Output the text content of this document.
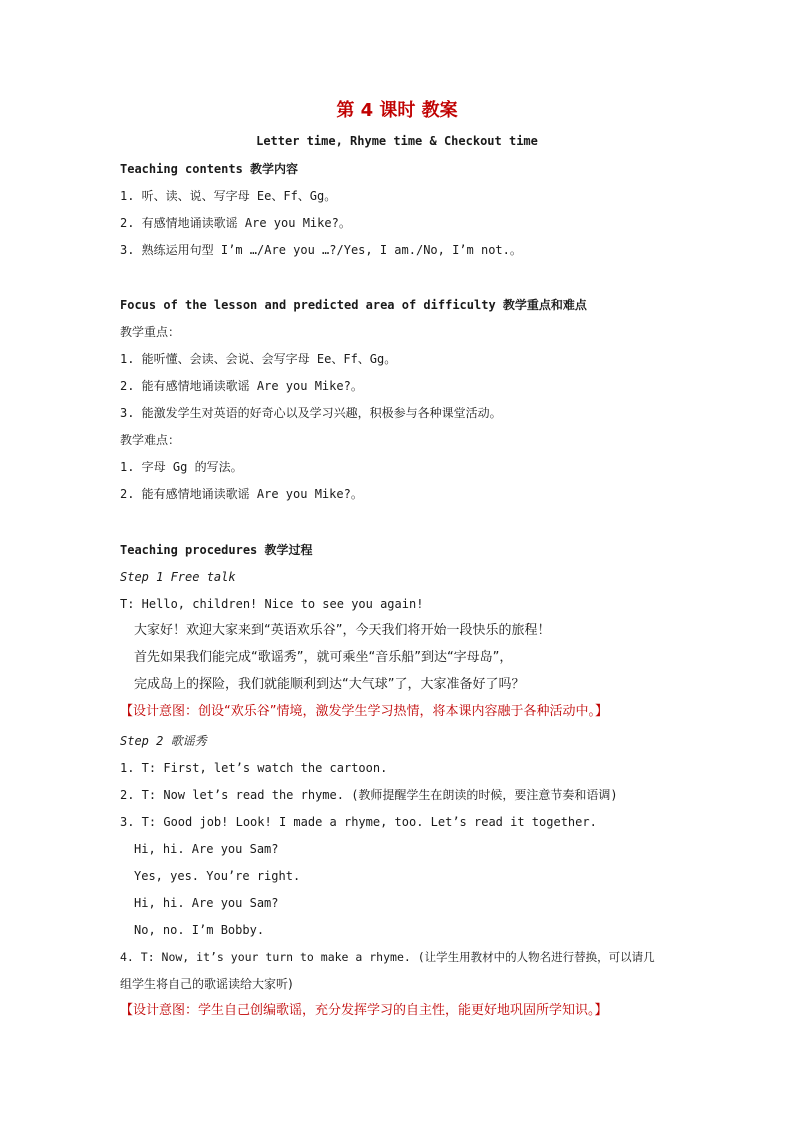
第 4 课时 教案
Letter time, Rhyme time & Checkout time
Teaching contents 教学内容
1. 听、读、说、写字母 Ee、Ff、Gg。
2. 有感情地诵读歌谣 Are you Mike?。
3. 熟练运用句型 I’m …/Are you …?/Yes, I am./No, I’m not.。
Focus of the lesson and predicted area of difficulty 教学重点和难点
教学重点：
1. 能听懂、会读、会说、会写字母 Ee、Ff、Gg。
2. 能有感情地诵读歌谣 Are you Mike?。
3. 能激发学生对英语的好奇心以及学习兴趣，积极参与各种课堂活动。
教学难点：
1. 字母 Gg 的写法。
2. 能有感情地诵读歌谣 Are you Mike?。
Teaching procedures 教学过程
Step 1 Free talk
T: Hello, children! Nice to see you again!
大家好！欢迎大家来到“英语欢乐谷”，今天我们将开始一段快乐的旅程！
首先如果我们能完成“歌谣秀”，就可乘坐“音乐船”到达“字母岛”，
完成岛上的探险，我们就能顺利到达“大气球”了，大家准备好了吗？
【设计意图：创设“欢乐谷”情境，激发学生学习热情，将本课内容融于各种活动中。】
Step 2 歌谣秀
1. T: First, let’s watch the cartoon.
2. T: Now let’s read the rhyme. (教师提醒学生在朗读的时候，要注意节奏和语调)
3. T: Good job! Look! I made a rhyme, too. Let’s read it together.
Hi, hi. Are you Sam?
Yes, yes. You’re right.
Hi, hi. Are you Sam?
No, no. I’m Bobby.
4. T: Now, it’s your turn to make a rhyme. (让学生用教材中的人物名进行替换，可以请几
组学生将自己的歌谣读给大家听)
【设计意图：学生自己创编歌谣，充分发挥学习的自主性，能更好地巩固所学知识。】
